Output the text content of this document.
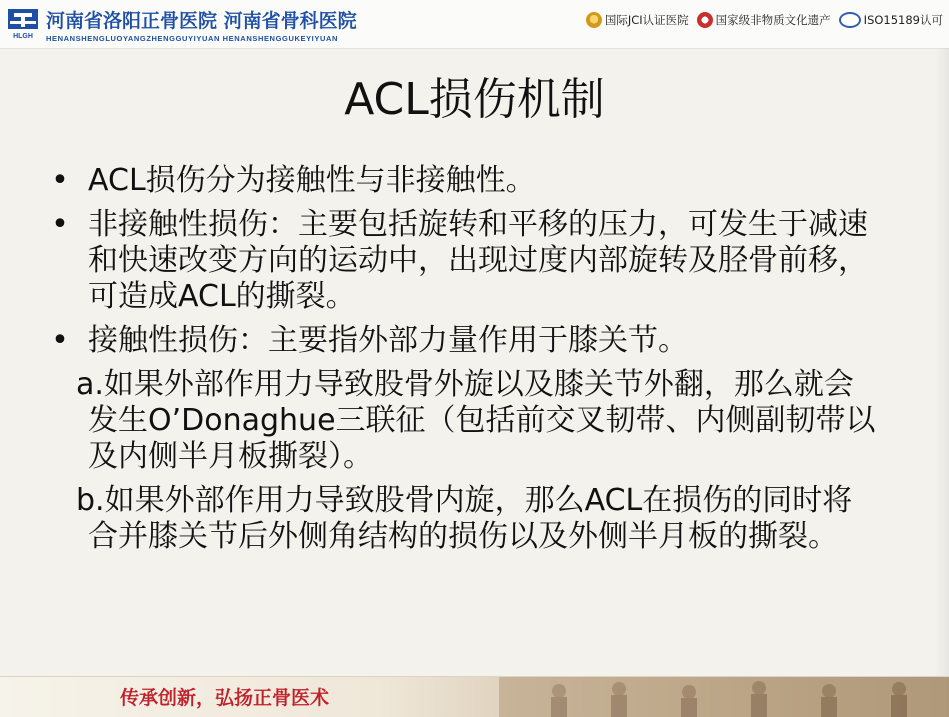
HLGH
河南省洛阳正骨医院 河南省骨科医院
HENANSHENGLUOYANGZHENGGUYIYUAN HENANSHENGGUKEYIYUAN
国际JCI认证医院 国家级非物质文化遗产	ISO15189认可
ACL损伤机制
• ACL损伤分为接触性与非接触性。
• 非接触性损伤：主要包括旋转和平移的压力，可发生于减速和快速改变方向的运动中，出现过度内部旋转及胫骨前移，可造成ACL的撕裂。
• 接触性损伤：主要指外部力量作用于膝关节。
a.如果外部作用力导致股骨外旋以及膝关节外翻，那么就会发生O’Donaghue三联征（包括前交叉韧带、内侧副韧带以及内侧半月板撕裂）。
b.如果外部作用力导致股骨内旋，那么ACL在损伤的同时将合并膝关节后外侧角结构的损伤以及外侧半月板的撕裂。
传承创新，弘扬正骨医术
